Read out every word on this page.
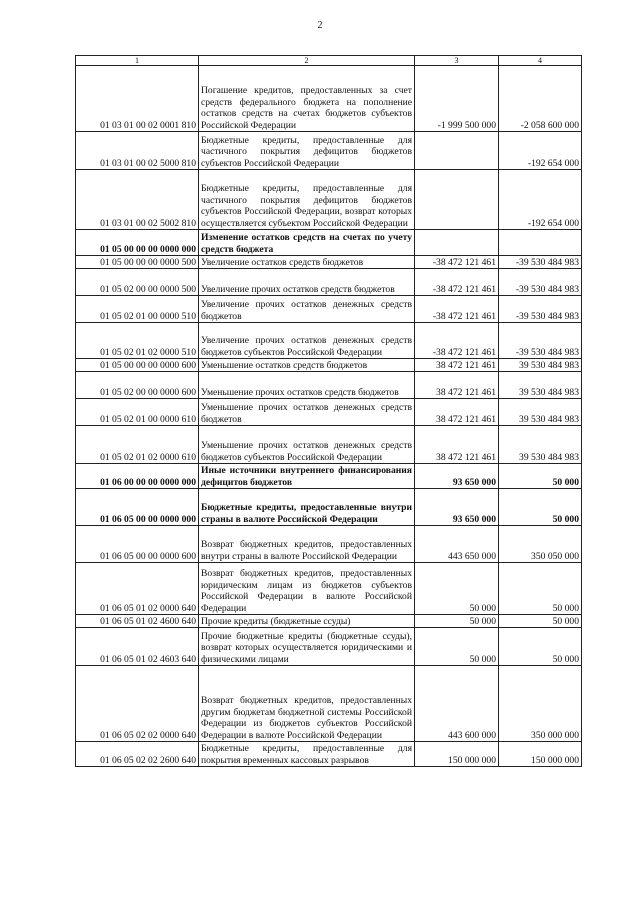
2
1	2	3	4
01 03 01 00 02 0001 810	Погашение кредитов, предоставленных за счет средств федерального бюджета на пополнение остатков средств на счетах бюджетов субъектов Российской Федерации	-1 999 500 000	-2 058 600 000
01 03 01 00 02 5000 810	Бюджетные кредиты, предоставленные для частичного покрытия дефицитов бюджетов субъектов Российской Федерации		-192 654 000
01 03 01 00 02 5002 810	Бюджетные кредиты, предоставленные для частичного покрытия дефицитов бюджетов субъектов Российской Федерации, возврат которых осуществляется субъектом Российской Федерации		-192 654 000
01 05 00 00 00 0000 000	Изменение остатков средств на счетах по учету средств бюджета		
01 05 00 00 00 0000 500	Увеличение остатков средств бюджетов	-38 472 121 461	-39 530 484 983
01 05 02 00 00 0000 500	Увеличение прочих остатков средств бюджетов	-38 472 121 461	-39 530 484 983
01 05 02 01 00 0000 510	Увеличение прочих остатков денежных средств бюджетов	-38 472 121 461	-39 530 484 983
01 05 02 01 02 0000 510	Увеличение прочих остатков денежных средств бюджетов субъектов Российской Федерации	-38 472 121 461	-39 530 484 983
01 05 00 00 00 0000 600	Уменьшение остатков средств бюджетов	38 472 121 461	39 530 484 983
01 05 02 00 00 0000 600	Уменьшение прочих остатков средств бюджетов	38 472 121 461	39 530 484 983
01 05 02 01 00 0000 610	Уменьшение прочих остатков денежных средств бюджетов	38 472 121 461	39 530 484 983
01 05 02 01 02 0000 610	Уменьшение прочих остатков денежных средств бюджетов субъектов Российской Федерации	38 472 121 461	39 530 484 983
01 06 00 00 00 0000 000	Иные источники внутреннего финансирования дефицитов бюджетов	93 650 000	50 000
01 06 05 00 00 0000 000	Бюджетные кредиты, предоставленные внутри страны в валюте Российской Федерации	93 650 000	50 000
01 06 05 00 00 0000 600	Возврат бюджетных кредитов, предоставленных внутри страны в валюте Российской Федерации	443 650 000	350 050 000
01 06 05 01 02 0000 640	Возврат бюджетных кредитов, предоставленных юридическим лицам из бюджетов субъектов Российской Федерации в валюте Российской Федерации	50 000	50 000
01 06 05 01 02 4600 640	Прочие кредиты (бюджетные ссуды)	50 000	50 000
01 06 05 01 02 4603 640	Прочие бюджетные кредиты (бюджетные ссуды), возврат которых осуществляется юридическими и физическими лицами	50 000	50 000
01 06 05 02 02 0000 640	Возврат бюджетных кредитов, предоставленных другим бюджетам бюджетной системы Российской Федерации из бюджетов субъектов Российской Федерации в валюте Российской Федерации	443 600 000	350 000 000
01 06 05 02 02 2600 640	Бюджетные кредиты, предоставленные для покрытия временных кассовых разрывов	150 000 000	150 000 000
